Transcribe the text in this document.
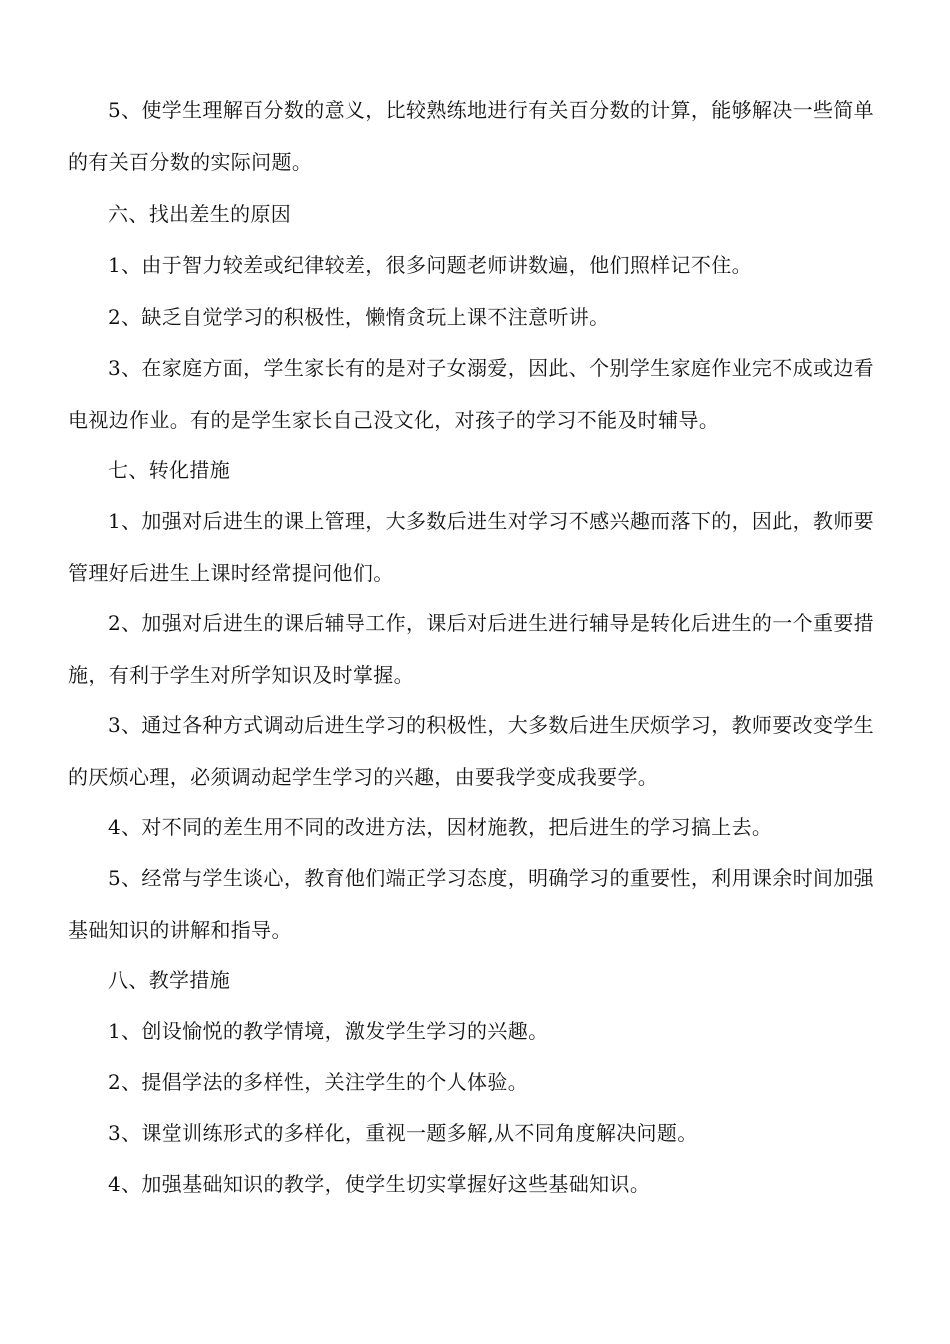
5、使学生理解百分数的意义，比较熟练地进行有关百分数的计算，能够解决一些简单的有关百分数的实际问题。

六、找出差生的原因

1、由于智力较差或纪律较差，很多问题老师讲数遍，他们照样记不住。

2、缺乏自觉学习的积极性，懒惰贪玩上课不注意听讲。

3、在家庭方面，学生家长有的是对子女溺爱，因此、个别学生家庭作业完不成或边看电视边作业。有的是学生家长自己没文化，对孩子的学习不能及时辅导。

七、转化措施

1、加强对后进生的课上管理，大多数后进生对学习不感兴趣而落下的，因此，教师要管理好后进生上课时经常提问他们。

2、加强对后进生的课后辅导工作，课后对后进生进行辅导是转化后进生的一个重要措施，有利于学生对所学知识及时掌握。

3、通过各种方式调动后进生学习的积极性，大多数后进生厌烦学习，教师要改变学生的厌烦心理，必须调动起学生学习的兴趣，由要我学变成我要学。

4、对不同的差生用不同的改进方法，因材施教，把后进生的学习搞上去。

5、经常与学生谈心，教育他们端正学习态度，明确学习的重要性，利用课余时间加强基础知识的讲解和指导。

八、教学措施

1、创设愉悦的教学情境，激发学生学习的兴趣。

2、提倡学法的多样性，关注学生的个人体验。

3、课堂训练形式的多样化，重视一题多解,从不同角度解决问题。

4、加强基础知识的教学，使学生切实掌握好这些基础知识。
